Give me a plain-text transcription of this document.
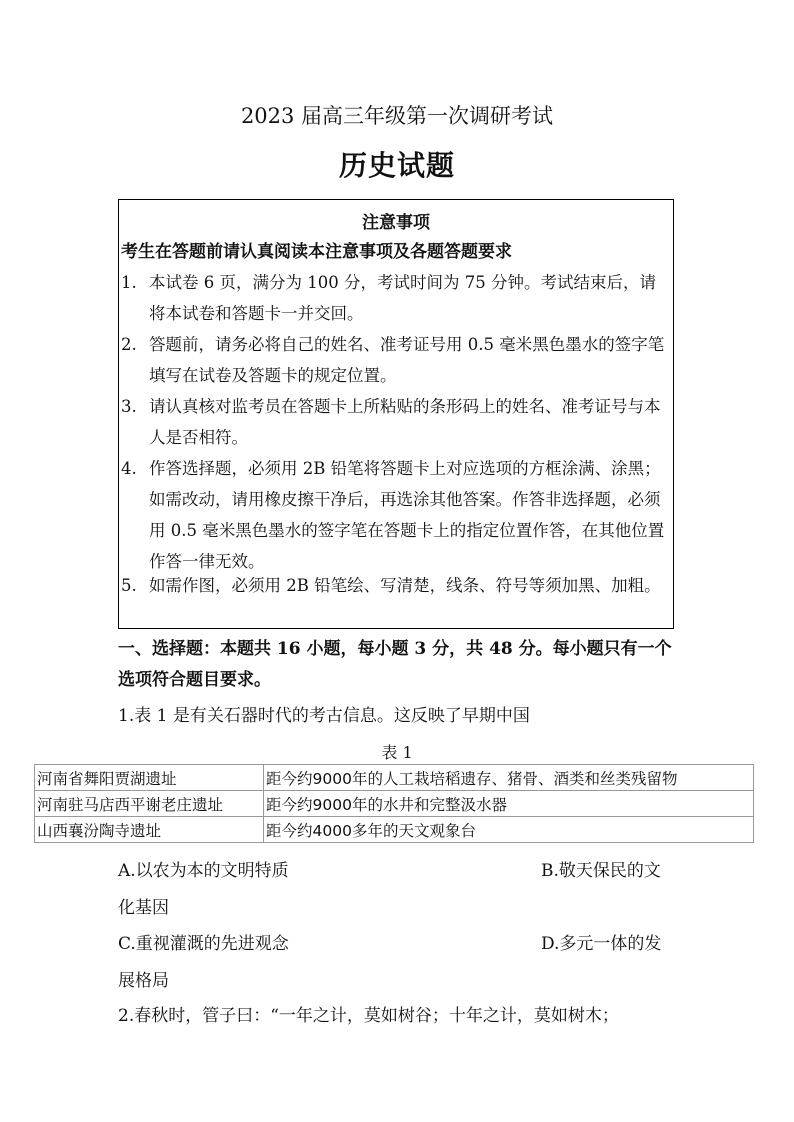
2023 届高三年级第一次调研考试
历史试题
注意事项
考生在答题前请认真阅读本注意事项及各题答题要求
1. 本试卷 6 页，满分为 100 分，考试时间为 75 分钟。考试结束后，请将本试卷和答题卡一并交回。
2. 答题前，请务必将自己的姓名、准考证号用 0.5 毫米黑色墨水的签字笔填写在试卷及答题卡的规定位置。
3. 请认真核对监考员在答题卡上所粘贴的条形码上的姓名、准考证号与本人是否相符。
4. 作答选择题，必须用 2B 铅笔将答题卡上对应选项的方框涂满、涂黑；如需改动，请用橡皮擦干净后，再选涂其他答案。作答非选择题，必须用 0.5 毫米黑色墨水的签字笔在答题卡上的指定位置作答，在其他位置作答一律无效。
5. 如需作图，必须用 2B 铅笔绘、写清楚，线条、符号等须加黑、加粗。
一、选择题：本题共 16 小题，每小题 3 分，共 48 分。每小题只有一个选项符合题目要求。
1.表 1 是有关石器时代的考古信息。这反映了早期中国
表 1
河南省舞阳贾湖遗址	距今约9000年的人工栽培稻遗存、猪骨、酒类和丝类残留物
河南驻马店西平谢老庄遗址	距今约9000年的水井和完整汲水器
山西襄汾陶寺遗址	距今约4000多年的天文观象台
A.以农为本的文明特质	B.敬天保民的文
化基因
C.重视灌溉的先进观念	D.多元一体的发
展格局
2.春秋时，管子曰：“一年之计，莫如树谷；十年之计，莫如树木；
